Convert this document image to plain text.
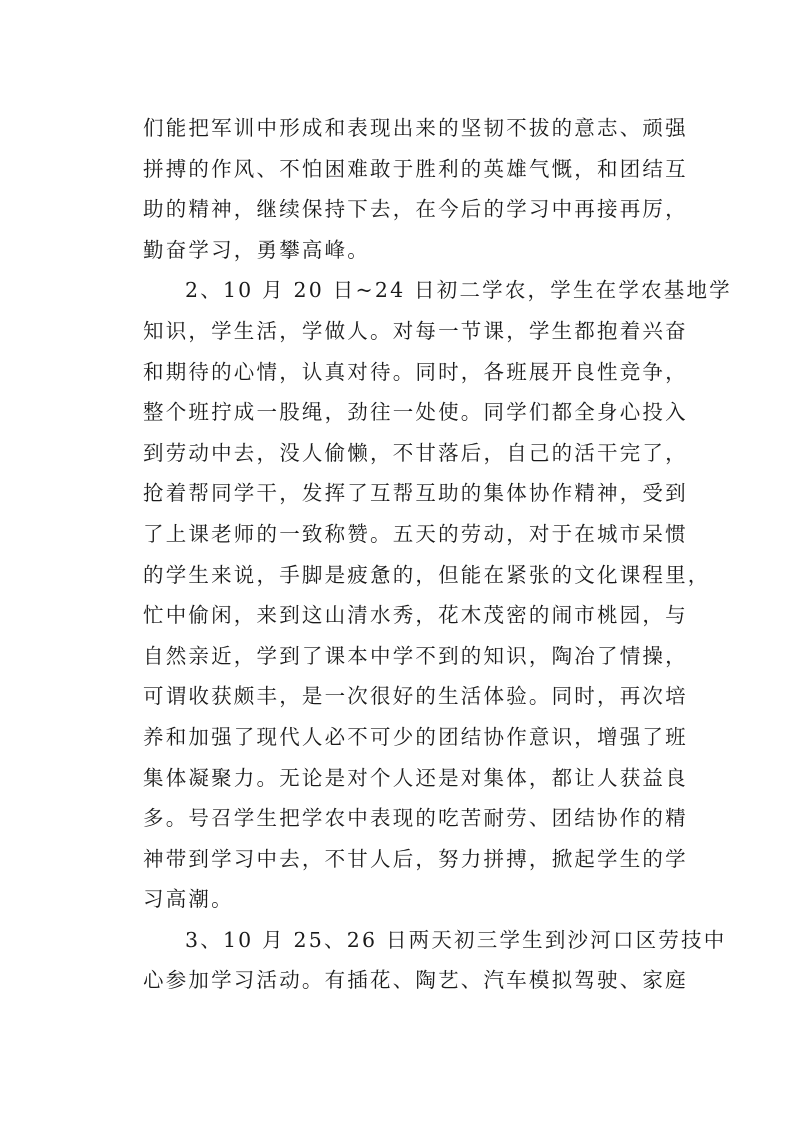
们能把军训中形成和表现出来的坚韧不拔的意志、顽强
拼搏的作风、不怕困难敢于胜利的英雄气慨，和团结互
助的精神，继续保持下去，在今后的学习中再接再厉，
勤奋学习，勇攀高峰。
2、10 月 20 日~24 日初二学农，学生在学农基地学
知识，学生活，学做人。对每一节课，学生都抱着兴奋
和期待的心情，认真对待。同时，各班展开良性竞争，
整个班拧成一股绳，劲往一处使。同学们都全身心投入
到劳动中去，没人偷懒，不甘落后，自己的活干完了，
抢着帮同学干，发挥了互帮互助的集体协作精神，受到
了上课老师的一致称赞。五天的劳动，对于在城市呆惯
的学生来说，手脚是疲惫的，但能在紧张的文化课程里，
忙中偷闲，来到这山清水秀，花木茂密的闹市桃园，与
自然亲近，学到了课本中学不到的知识，陶冶了情操，
可谓收获颇丰，是一次很好的生活体验。同时，再次培
养和加强了现代人必不可少的团结协作意识，增强了班
集体凝聚力。无论是对个人还是对集体，都让人获益良
多。号召学生把学农中表现的吃苦耐劳、团结协作的精
神带到学习中去，不甘人后，努力拼搏，掀起学生的学
习高潮。
3、10 月 25、26 日两天初三学生到沙河口区劳技中
心参加学习活动。有插花、陶艺、汽车模拟驾驶、家庭
